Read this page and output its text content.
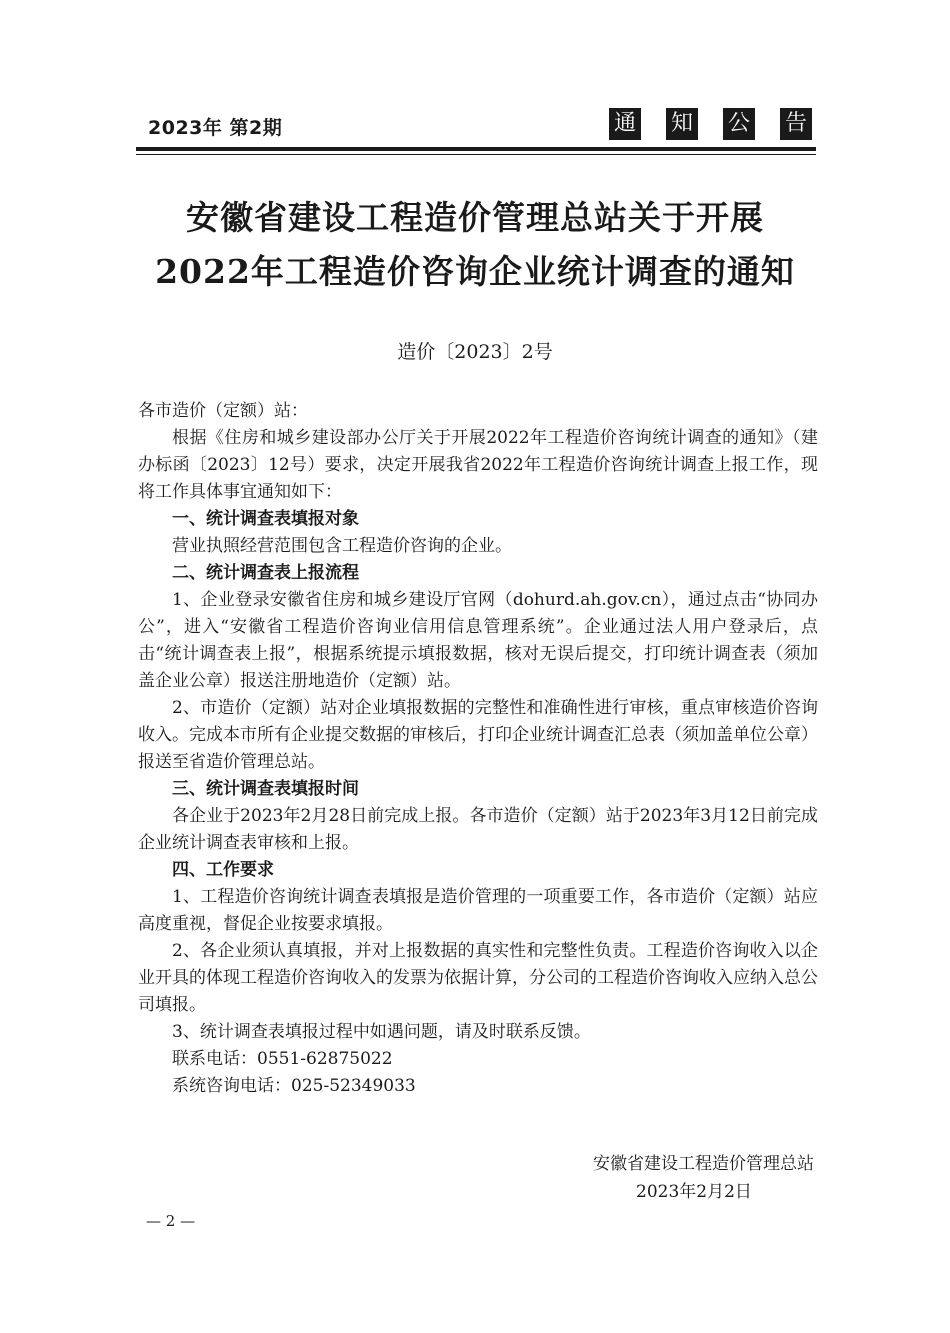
2023年 第2期	通 知 公 告
安徽省建设工程造价管理总站关于开展
2022年工程造价咨询企业统计调查的通知
造价〔2023〕2号

各市造价（定额）站：

根据《住房和城乡建设部办公厅关于开展2022年工程造价咨询统计调查的通知》（建办标函〔2023〕12号）要求，决定开展我省2022年工程造价咨询统计调查上报工作，现将工作具体事宜通知如下：

一、统计调查表填报对象

营业执照经营范围包含工程造价咨询的企业。

二、统计调查表上报流程

1、企业登录安徽省住房和城乡建设厅官网（dohurd.ah.gov.cn），通过点击“协同办公”，进入“安徽省工程造价咨询业信用信息管理系统”。企业通过法人用户登录后，点击“统计调查表上报”，根据系统提示填报数据，核对无误后提交，打印统计调查表（须加盖企业公章）报送注册地造价（定额）站。

2、市造价（定额）站对企业填报数据的完整性和准确性进行审核，重点审核造价咨询收入。完成本市所有企业提交数据的审核后，打印企业统计调查汇总表（须加盖单位公章）报送至省造价管理总站。

三、统计调查表填报时间

各企业于2023年2月28日前完成上报。各市造价（定额）站于2023年3月12日前完成企业统计调查表审核和上报。

四、工作要求

1、工程造价咨询统计调查表填报是造价管理的一项重要工作，各市造价（定额）站应高度重视，督促企业按要求填报。

2、各企业须认真填报，并对上报数据的真实性和完整性负责。工程造价咨询收入以企业开具的体现工程造价咨询收入的发票为依据计算，分公司的工程造价咨询收入应纳入总公司填报。

3、统计调查表填报过程中如遇问题，请及时联系反馈。

联系电话：0551-62875022

系统咨询电话：025-52349033

安徽省建设工程造价管理总站
2023年2月2日
— 2 —
